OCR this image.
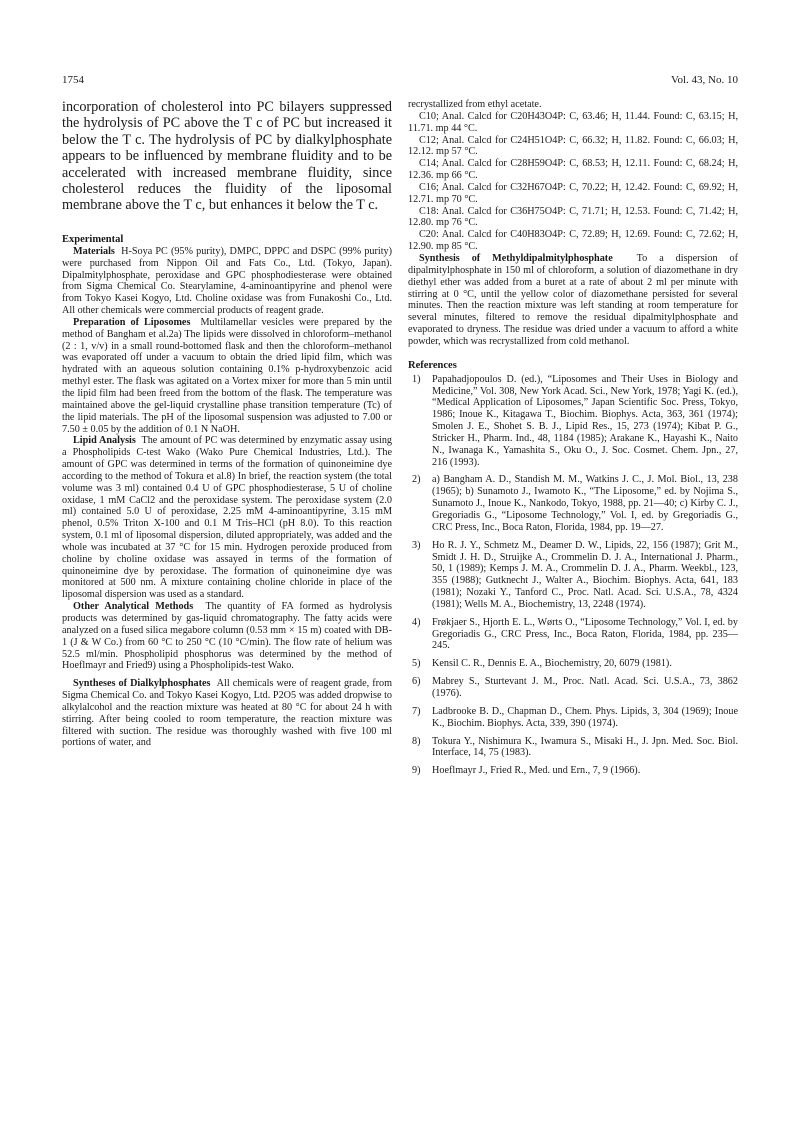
1754	Vol. 43, No. 10

incorporation of cholesterol into PC bilayers suppressed the hydrolysis of PC above the T c of PC but increased it below the T c. The hydrolysis of PC by dialkylphosphate appears to be influenced by membrane fluidity and to be accelerated with increased membrane fluidity, since cholesterol reduces the fluidity of the liposomal membrane above the T c, but enhances it below the T c.

Experimental

Materials H-Soya PC (95% purity), DMPC, DPPC and DSPC (99% purity) were purchased from Nippon Oil and Fats Co., Ltd. (Tokyo, Japan). Dipalmitylphosphate, peroxidase and GPC phosphodiesterase were obtained from Sigma Chemical Co. Stearylamine, 4-aminoantipyrine and phenol were from Tokyo Kasei Kogyo, Ltd. Choline oxidase was from Funakoshi Co., Ltd. All other chemicals were commercial products of reagent grade.

Preparation of Liposomes Multilamellar vesicles were prepared by the method of Bangham et al.2a) The lipids were dissolved in chloroform–methanol (2 : 1, v/v) in a small round-bottomed flask and then the chloroform–methanol was evaporated off under a vacuum to obtain the dried lipid film, which was hydrated with an aqueous solution containing 0.1% p-hydroxybenzoic acid methyl ester. The flask was agitated on a Vortex mixer for more than 5 min until the lipid film had been freed from the bottom of the flask. The temperature was maintained above the gel-liquid crystalline phase transition temperature (Tc) of the lipid materials. The pH of the liposomal suspension was adjusted to 7.00 or 7.50 ± 0.05 by the addition of 0.1 N NaOH.

Lipid Analysis The amount of PC was determined by enzymatic assay using a Phospholipids C-test Wako (Wako Pure Chemical Industries, Ltd.). The amount of GPC was determined in terms of the formation of quinoneimine dye according to the method of Tokura et al.8) In brief, the reaction system (the total volume was 3 ml) contained 0.4 U of GPC phosphodiesterase, 5 U of choline oxidase, 1 mM CaCl2 and the peroxidase system. The peroxidase system (2.0 ml) contained 5.0 U of peroxidase, 2.25 mM 4-aminoantipyrine, 3.15 mM phenol, 0.5% Triton X-100 and 0.1 M Tris–HCl (pH 8.0). To this reaction system, 0.1 ml of liposomal dispersion, diluted appropriately, was added and the whole was incubated at 37 °C for 15 min. Hydrogen peroxide produced from choline by choline oxidase was assayed in terms of the formation of quinoneimine dye by peroxidase. The formation of quinoneimine dye was monitored at 500 nm. A mixture containing choline chloride in place of the liposomal dispersion was used as a standard.

Other Analytical Methods The quantity of FA formed as hydrolysis products was determined by gas-liquid chromatography. The fatty acids were analyzed on a fused silica megabore column (0.53 mm × 15 m) coated with DB-1 (J & W Co.) from 60 °C to 250 °C (10 °C/min). The flow rate of helium was 52.5 ml/min. Phospholipid phosphorus was determined by the method of Hoeflmayr and Fried9) using a Phospholipids-test Wako.

Syntheses of Dialkylphosphates All chemicals were of reagent grade, from Sigma Chemical Co. and Tokyo Kasei Kogyo, Ltd. P2O5 was added dropwise to alkylalcohol and the reaction mixture was heated at 80 °C for about 24 h with stirring. After being cooled to room temperature, the reaction mixture was filtered with suction. The residue was thoroughly washed with five 100 ml portions of water, and

recrystallized from ethyl acetate.

C10; Anal. Calcd for C20H43O4P: C, 63.46; H, 11.44. Found: C, 63.15; H, 11.71. mp 44 °C.

C12; Anal. Calcd for C24H51O4P: C, 66.32; H, 11.82. Found: C, 66.03; H, 12.12. mp 57 °C.

C14; Anal. Calcd for C28H59O4P: C, 68.53; H, 12.11. Found: C, 68.24; H, 12.36. mp 66 °C.

C16; Anal. Calcd for C32H67O4P: C, 70.22; H, 12.42. Found: C, 69.92; H, 12.71. mp 70 °C.

C18: Anal. Calcd for C36H75O4P: C, 71.71; H, 12.53. Found: C, 71.42; H, 12.80. mp 76 °C.

C20: Anal. Calcd for C40H83O4P: C, 72.89; H, 12.69. Found: C, 72.62; H, 12.90. mp 85 °C.

Synthesis of Methyldipalmitylphosphate To a dispersion of dipalmitylphosphate in 150 ml of chloroform, a solution of diazomethane in dry diethyl ether was added from a buret at a rate of about 2 ml per minute with stirring at 0 °C, until the yellow color of diazomethane persisted for several minutes. Then the reaction mixture was left standing at room temperature for several minutes, filtered to remove the residual dipalmitylphosphate and evaporated to dryness. The residue was dried under a vacuum to afford a white powder, which was recrystallized from cold methanol.

References
1)	Papahadjopoulos D. (ed.), “Liposomes and Their Uses in Biology and Medicine,” Vol. 308, New York Acad. Sci., New York, 1978; Yagi K. (ed.), “Medical Application of Liposomes,” Japan Scientific Soc. Press, Tokyo, 1986; Inoue K., Kitagawa T., Biochim. Biophys. Acta, 363, 361 (1974); Smolen J. E., Shohet S. B. J., Lipid Res., 15, 273 (1974); Kibat P. G., Stricker H., Pharm. Ind., 48, 1184 (1985); Arakane K., Hayashi K., Naito N., Iwanaga K., Yamashita S., Oku O., J. Soc. Cosmet. Chem. Jpn., 27, 216 (1993).
2)	a) Bangham A. D., Standish M. M., Watkins J. C., J. Mol. Biol., 13, 238 (1965); b) Sunamoto J., Iwamoto K., “The Liposome,” ed. by Nojima S., Sunamoto J., Inoue K., Nankodo, Tokyo, 1988, pp. 21—40; c) Kirby C. J., Gregoriadis G., “Liposome Technology,” Vol. I, ed. by Gregoriadis G., CRC Press, Inc., Boca Raton, Florida, 1984, pp. 19—27.
3)	Ho R. J. Y., Schmetz M., Deamer D. W., Lipids, 22, 156 (1987); Grit M., Smidt J. H. D., Struijke A., Crommelin D. J. A., International J. Pharm., 50, 1 (1989); Kemps J. M. A., Crommelin D. J. A., Pharm. Weekbl., 123, 355 (1988); Gutknecht J., Walter A., Biochim. Biophys. Acta, 641, 183 (1981); Nozaki Y., Tanford C., Proc. Natl. Acad. Sci. U.S.A., 78, 4324 (1981); Wells M. A., Biochemistry, 13, 2248 (1974).
4)	Frøkjaer S., Hjorth E. L., Wørts O., “Liposome Technology,” Vol. I, ed. by Gregoriadis G., CRC Press, Inc., Boca Raton, Florida, 1984, pp. 235—245.
5)	Kensil C. R., Dennis E. A., Biochemistry, 20, 6079 (1981).
6)	Mabrey S., Sturtevant J. M., Proc. Natl. Acad. Sci. U.S.A., 73, 3862 (1976).
7)	Ladbrooke B. D., Chapman D., Chem. Phys. Lipids, 3, 304 (1969); Inoue K., Biochim. Biophys. Acta, 339, 390 (1974).
8)	Tokura Y., Nishimura K., Iwamura S., Misaki H., J. Jpn. Med. Soc. Biol. Interface, 14, 75 (1983).
9)	Hoeflmayr J., Fried R., Med. und Ern., 7, 9 (1966).
